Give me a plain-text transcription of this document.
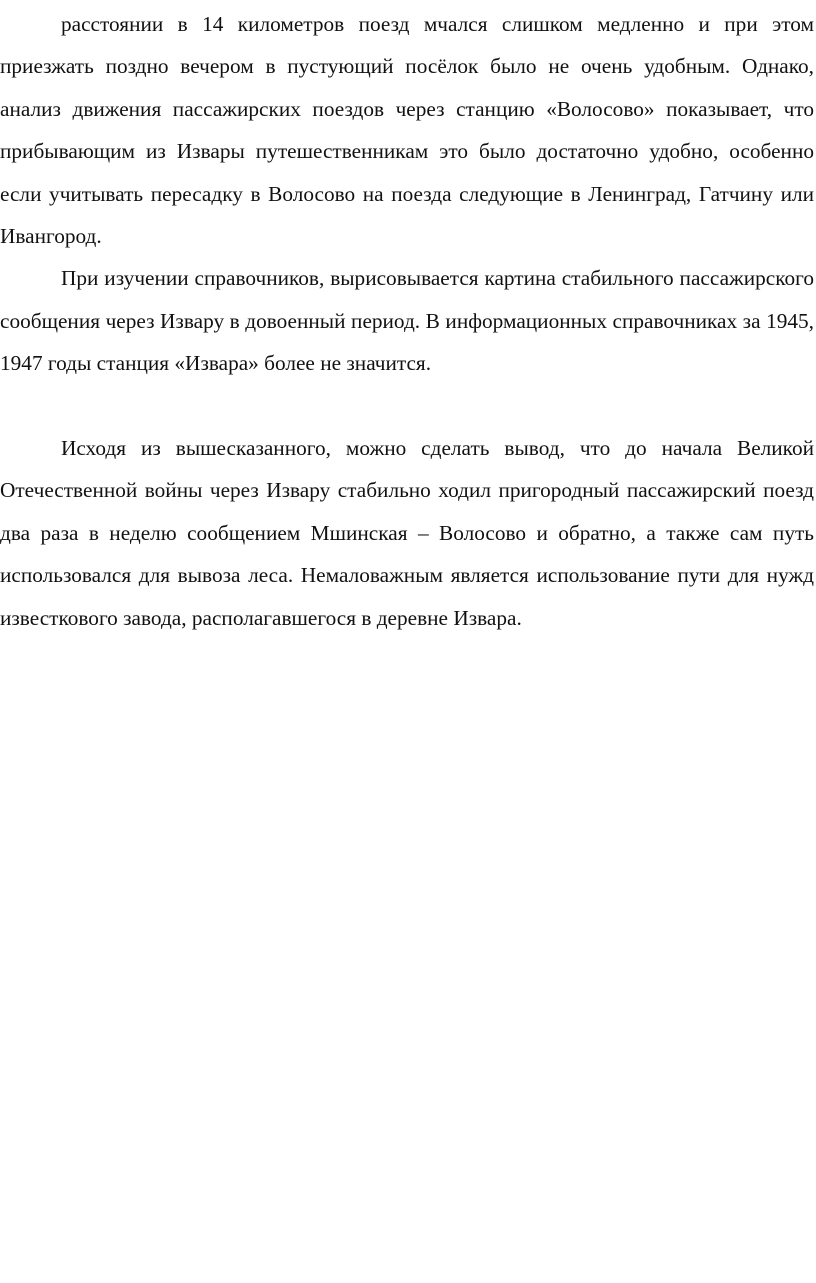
расстоянии в 14 километров поезд мчался слишком медленно и при этом приезжать поздно вечером в пустующий посёлок было не очень удобным. Однако, анализ движения пассажирских поездов через станцию «Волосово» показывает, что прибывающим из Извары путешественникам это было достаточно удобно, особенно если учитывать пересадку в Волосово на поезда следующие в Ленинград, Гатчину или Ивангород.

При изучении справочников, вырисовывается картина стабильного пассажирского сообщения через Извару в довоенный период. В информационных справочниках за 1945, 1947 годы станция «Извара» более не значится.

Исходя из вышесказанного, можно сделать вывод, что до начала Великой Отечественной войны через Извару стабильно ходил пригородный пассажирский поезд два раза в неделю сообщением Мшинская – Волосово и обратно, а также сам путь использовался для вывоза леса. Немаловажным является использование пути для нужд известкового завода, располагавшегося в деревне Извара.
